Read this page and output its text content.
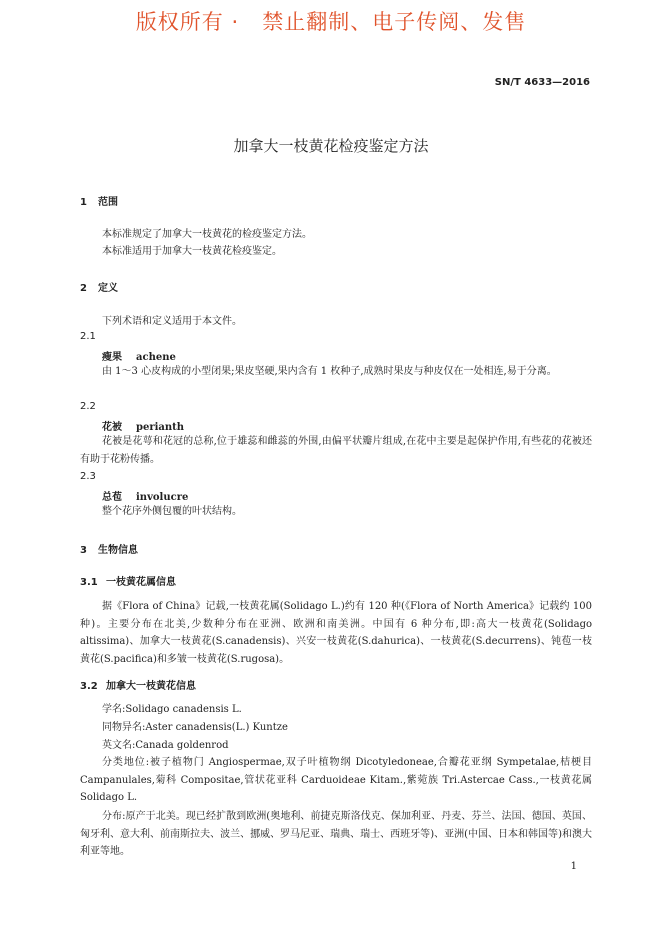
版权所有 ·   禁止翻制、电子传阅、发售
SN/T 4633—2016
加拿大一枝黄花检疫鉴定方法
1 范围
本标准规定了加拿大一枝黄花的检疫鉴定方法。
本标准适用于加拿大一枝黄花检疫鉴定。
2 定义
下列术语和定义适用于本文件。
2.1
瘦果 achene
由 1～3 心皮构成的小型闭果;果皮坚硬,果内含有 1 枚种子,成熟时果皮与种皮仅在一处相连,易于分离。
2.2
花被 perianth
花被是花萼和花冠的总称,位于雄蕊和雌蕊的外围,由偏平状瓣片组成,在花中主要是起保护作用,有些花的花被还有助于花粉传播。
2.3
总苞 involucre
整个花序外侧包覆的叶状结构。
3 生物信息
3.1 一枝黄花属信息
据《Flora of China》记载,一枝黄花属(Solidago L.)约有 120 种(《Flora of North America》记载约 100 种)。主要分布在北美,少数种分布在亚洲、欧洲和南美洲。中国有 6 种分布,即:高大一枝黄花(Solidago altissima)、加拿大一枝黄花(S.canadensis)、兴安一枝黄花(S.dahurica)、一枝黄花(S.decurrens)、钝苞一枝黄花(S.pacifica)和多皱一枝黄花(S.rugosa)。
3.2 加拿大一枝黄花信息
学名:Solidago canadensis L.
同物异名:Aster canadensis(L.) Kuntze
英文名:Canada goldenrod
分类地位:被子植物门 Angiospermae,双子叶植物纲 Dicotyledoneae,合瓣花亚纲 Sympetalae,桔梗目 Campanulales,菊科 Compositae,管状花亚科 Carduoideae Kitam.,紫菀族 Tri.Astercae Cass.,一枝黄花属 Solidago L.
分布:原产于北美。现已经扩散到欧洲(奥地利、前捷克斯洛伐克、保加利亚、丹麦、芬兰、法国、德国、英国、匈牙利、意大利、前南斯拉夫、波兰、挪威、罗马尼亚、瑞典、瑞士、西班牙等)、亚洲(中国、日本和韩国等)和澳大利亚等地。
1
